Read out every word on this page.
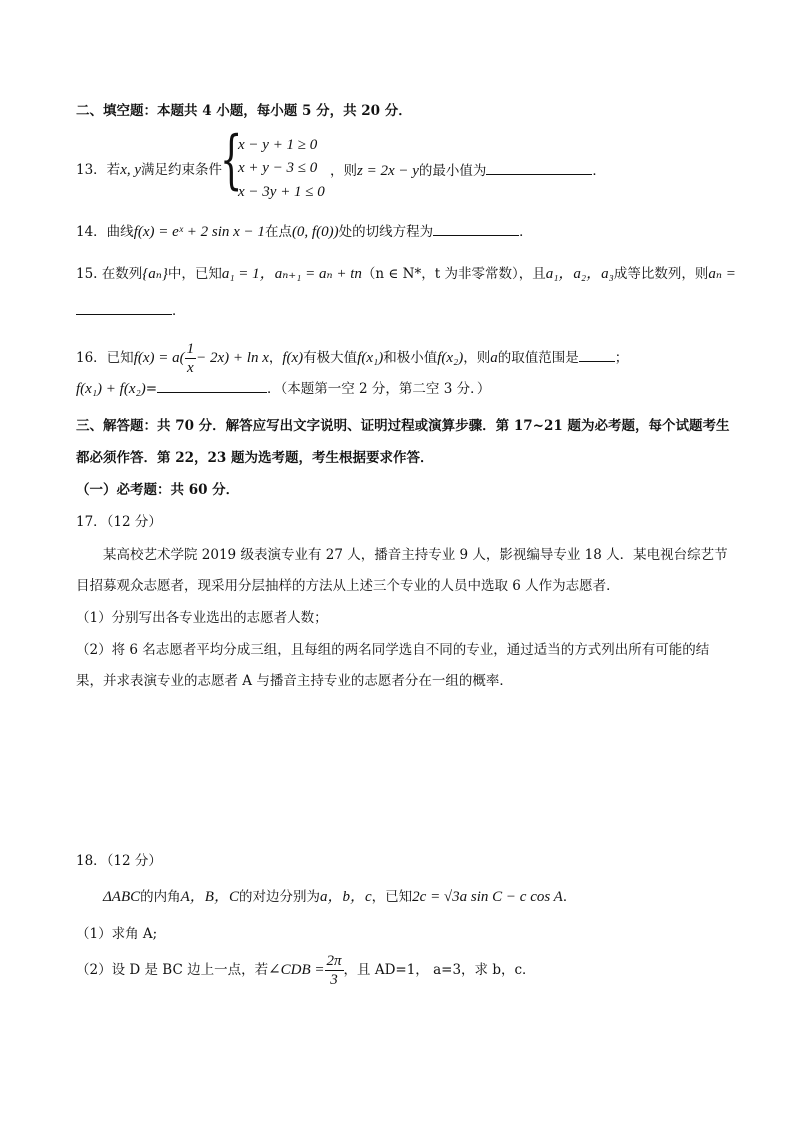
二、填空题：本题共 4 小题，每小题 5 分，共 20 分．
13．若x, y满足约束条件
{
x − y + 1 ≥ 0
x + y − 3 ≤ 0
x − 3y + 1 ≤ 0
，则z = 2x − y的最小值为	．
14．曲线f(x) = eˣ + 2 sin x − 1在点(0, f(0))处的切线方程为	．
15. 在数列{aₙ}中，已知a₁ = 1，aₙ₊₁ = aₙ + tn（n ∈ N*，t 为非零常数），且a₁，a₂，a₃成等比数列，则aₙ =
．
16．已知$f(x) = a( \frac{1}{x} - 2x) + \ln x$，f(x)有极大值f(x₁)和极小值f(x₂)，则a的取值范围是	；
f(x₁) + f(x₂)=	．（本题第一空 2 分，第二空 3 分．）
三、解答题：共 70 分．解答应写出文字说明、证明过程或演算步骤．第 17~21 题为必考题，每个试题考生
都必须作答．第 22，23 题为选考题，考生根据要求作答．
（一）必考题：共 60 分．
17．（12 分）
某高校艺术学院 2019 级表演专业有 27 人，播音主持专业 9 人，影视编导专业 18 人．某电视台综艺节
目招募观众志愿者，现采用分层抽样的方法从上述三个专业的人员中选取 6 人作为志愿者．
（1）分别写出各专业选出的志愿者人数；
（2）将 6 名志愿者平均分成三组，且每组的两名同学选自不同的专业，通过适当的方式列出所有可能的结
果，并求表演专业的志愿者 A 与播音主持专业的志愿者分在一组的概率．
18．（12 分）
ΔABC的内角A，B，C的对边分别为a，b，c，已知2c = √3a sin C − c cos A．
（1）求角 A;
（2）设 D 是 BC 边上一点，若∠CDB = $\frac{2\pi}{3}$ ，且 AD=1， a=3，求 b，c．
